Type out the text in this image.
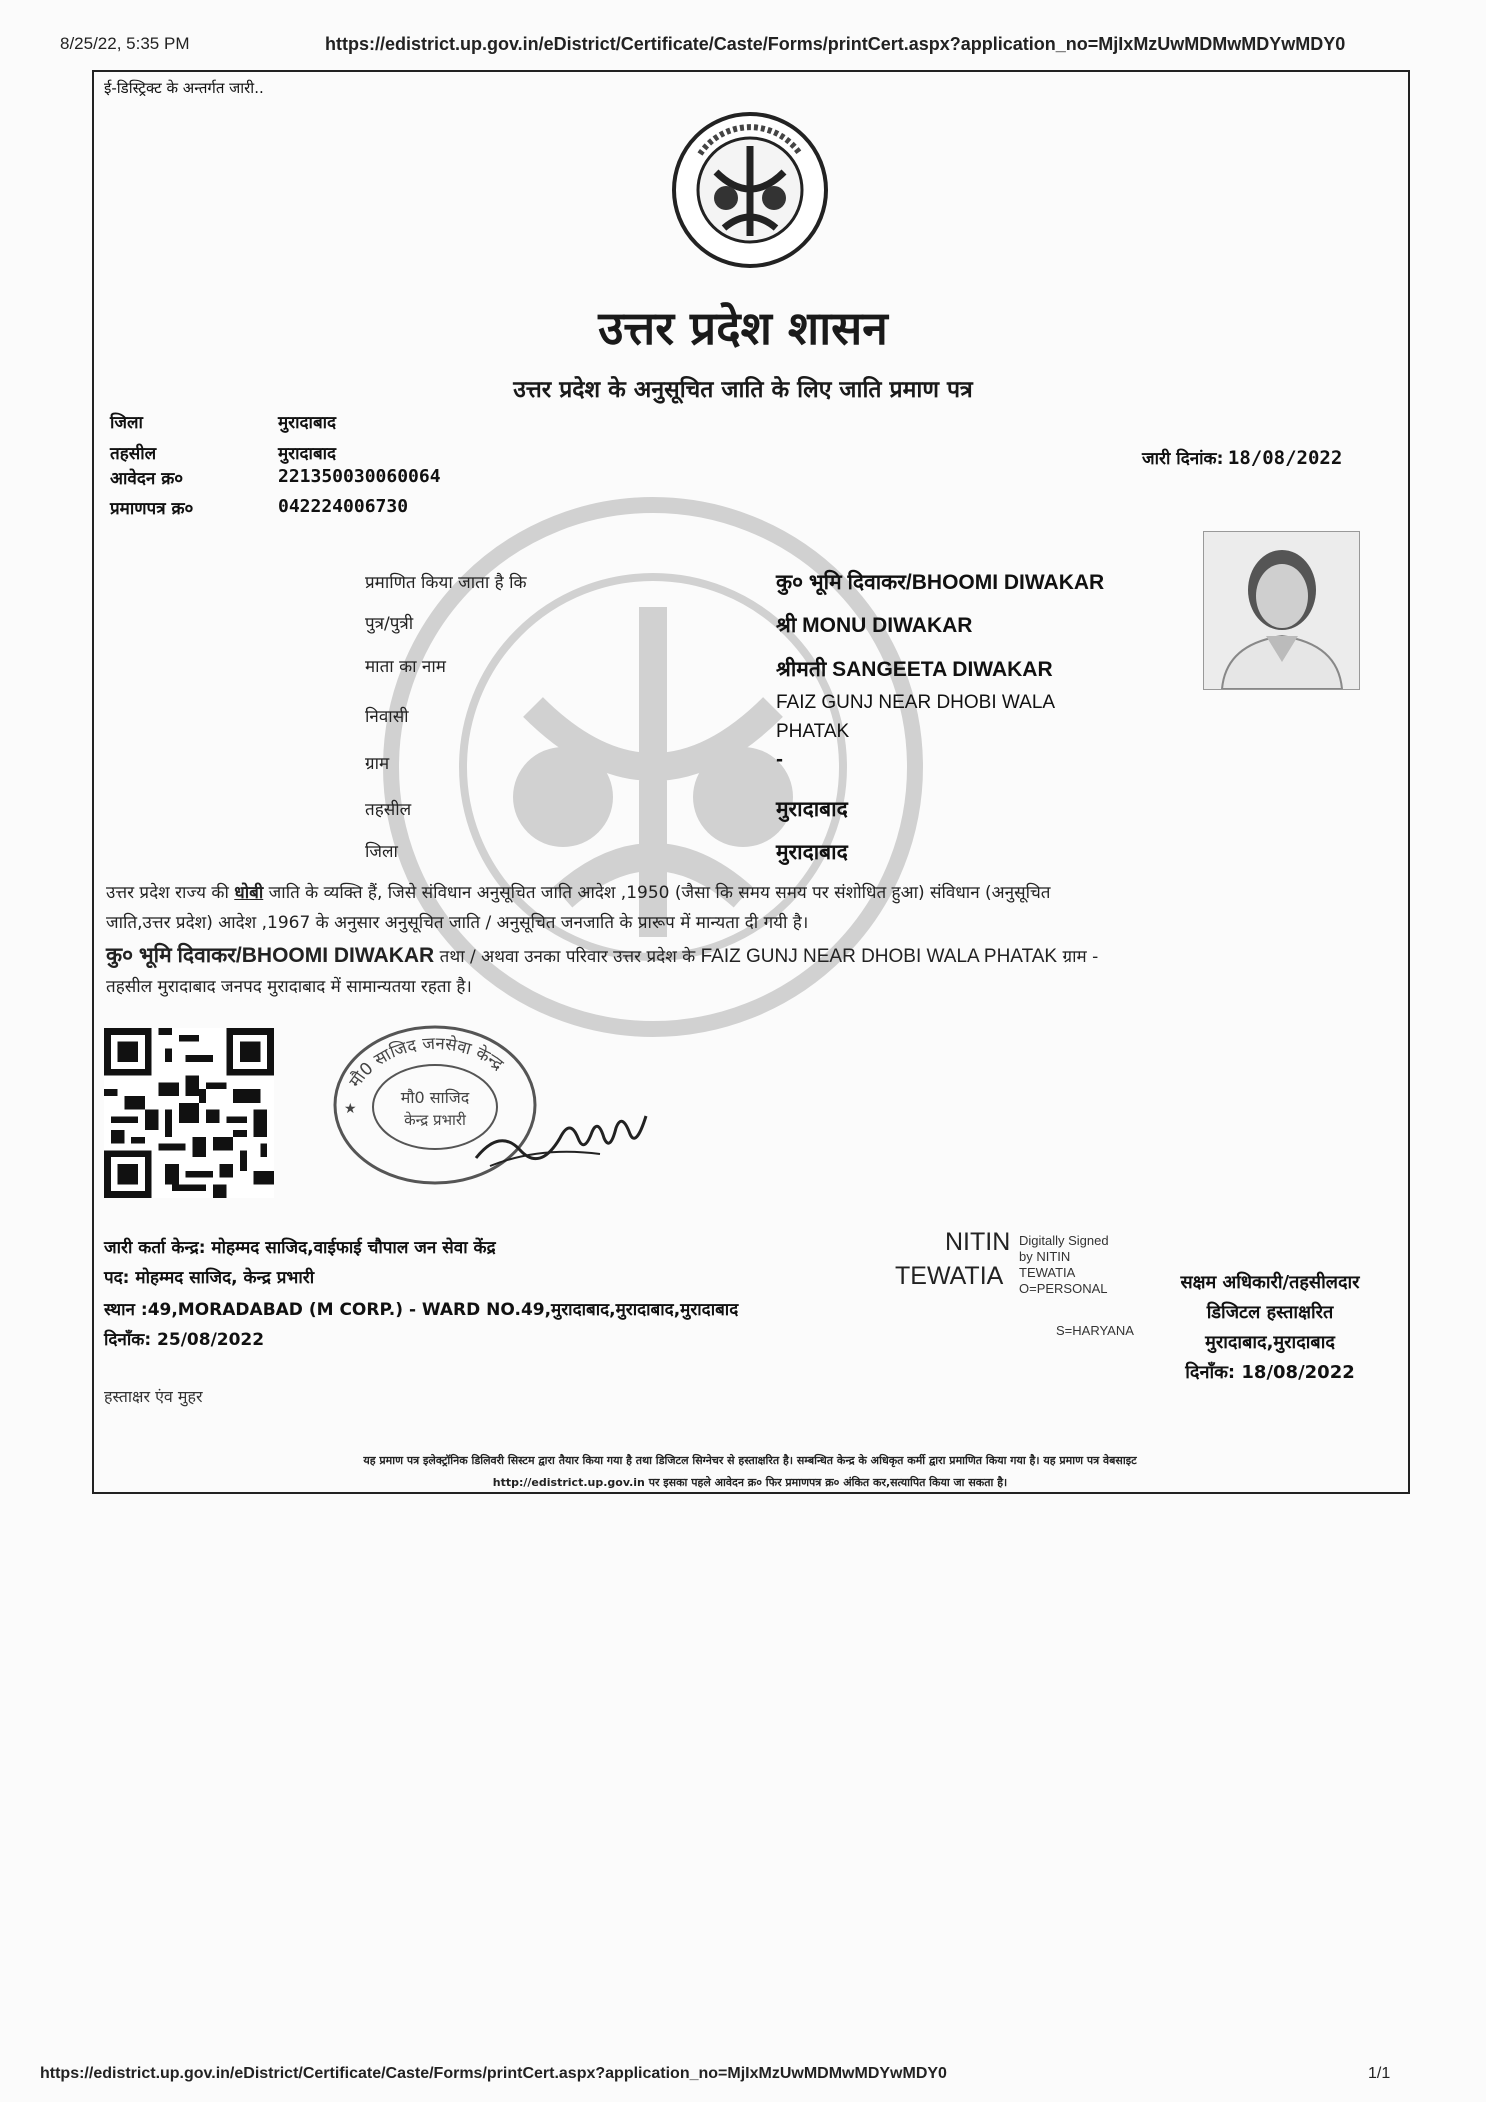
8/25/22, 5:35 PM	https://edistrict.up.gov.in/eDistrict/Certificate/Caste/Forms/printCert.aspx?application_no=MjIxMzUwMDMwMDYwMDY0
ई-डिस्ट्रिक्ट के अन्तर्गत जारी..
उत्तर प्रदेश शासन
उत्तर प्रदेश के अनुसूचित जाति के लिए जाति प्रमाण पत्र
जिला	मुरादाबाद
तहसील	मुरादाबाद
आवेदन क्र०	221350030060064
प्रमाणपत्र क्र०	042224006730
जारी दिनांक: 18/08/2022
प्रमाणित किया जाता है कि	कु० भूमि दिवाकर/BHOOMI DIWAKAR
पुत्र/पुत्री	श्री MONU DIWAKAR
माता का नाम	श्रीमती SANGEETA DIWAKAR
निवासी
FAIZ GUNJ NEAR DHOBI WALA
PHATAK
ग्राम	-
तहसील	मुरादाबाद
जिला	मुरादाबाद
उत्तर प्रदेश राज्य की धोबी जाति के व्यक्ति हैं, जिसे संविधान अनुसूचित जाति आदेश ,1950 (जैसा कि समय समय पर संशोधित हुआ) संविधान (अनुसूचित
जाति,उत्तर प्रदेश) आदेश ,1967 के अनुसार अनुसूचित जाति / अनुसूचित जनजाति के प्रारूप में मान्यता दी गयी है।
कु० भूमि दिवाकर/BHOOMI DIWAKAR तथा / अथवा उनका परिवार उत्तर प्रदेश के FAIZ GUNJ NEAR DHOBI WALA PHATAK ग्राम -
तहसील मुरादाबाद जनपद मुरादाबाद में सामान्यतया रहता है।
मौ0 साजिद जनसेवा केन्द्र
मौ0 साजिद
केन्द्र प्रभारी
★
जारी कर्ता केन्द्र: मोहम्मद साजिद,वाईफाई चौपाल जन सेवा केंद्र
पद: मोहम्मद साजिद, केन्द्र प्रभारी
स्थान :49,MORADABAD (M CORP.) - WARD NO.49,मुरादाबाद,मुरादाबाद,मुरादाबाद
दिनाँक: 25/08/2022
हस्ताक्षर एंव मुहर
NITIN
TEWATIA
Digitally Signed
by NITIN
TEWATIA
O=PERSONAL
S=HARYANA
सक्षम अधिकारी/तहसीलदार
डिजिटल हस्ताक्षरित
मुरादाबाद,मुरादाबाद
दिनाँक: 18/08/2022
यह प्रमाण पत्र इलेक्ट्रॉनिक डिलिवरी सिस्टम द्वारा तैयार किया गया है तथा डिजिटल सिग्नेचर से हस्ताक्षरित है। सम्बन्धित केन्द्र के अधिकृत कर्मी द्वारा प्रमाणित किया गया है। यह प्रमाण पत्र वेबसाइट
http://edistrict.up.gov.in पर इसका पहले आवेदन क्र० फिर प्रमाणपत्र क्र० अंकित कर,सत्यापित किया जा सकता है।
https://edistrict.up.gov.in/eDistrict/Certificate/Caste/Forms/printCert.aspx?application_no=MjIxMzUwMDMwMDYwMDY0	1/1
